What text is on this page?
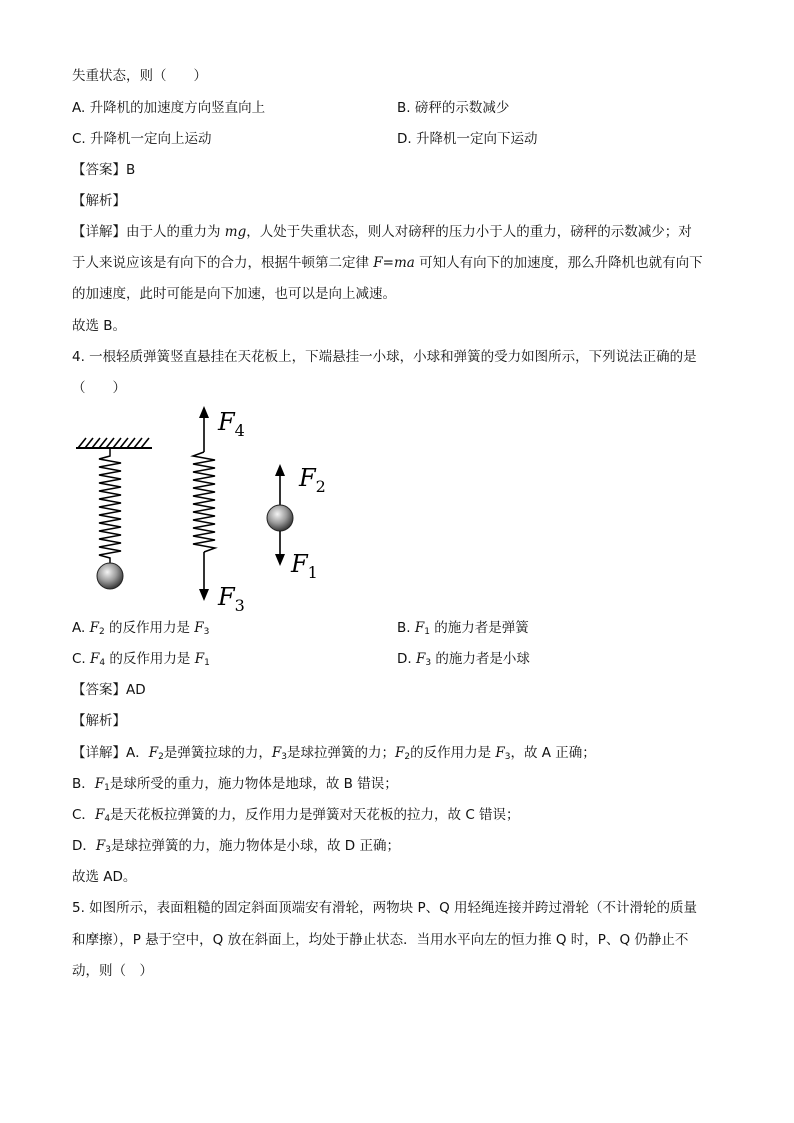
失重状态，则（　　）
A. 升降机的加速度方向竖直向上	B. 磅秤的示数减少
C. 升降机一定向上运动	D. 升降机一定向下运动
【答案】B
【解析】
【详解】由于人的重力为 mg，人处于失重状态，则人对磅秤的压力小于人的重力，磅秤的示数减少；对
于人来说应该是有向下的合力，根据牛顿第二定律 F=ma 可知人有向下的加速度，那么升降机也就有向下
的加速度，此时可能是向下加速，也可以是向上减速。
故选 B。
4. 一根轻质弹簧竖直悬挂在天花板上，下端悬挂一小球，小球和弹簧的受力如图所示，下列说法正确的是
（　　）
$F_4$
$F_3$
$F_2$
$F_1$
A. $F_2$ 的反作用力是 $F_3$	B. $F_1$ 的施力者是弹簧
C. $F_4$ 的反作用力是 $F_1$	D. $F_3$ 的施力者是小球
【答案】AD
【解析】
【详解】A．$F_2$是弹簧拉球的力，$F_3$是球拉弹簧的力；$F_2$的反作用力是 $F_3$，故 A 正确；
B．$F_1$是球所受的重力，施力物体是地球，故 B 错误；
C．$F_4$是天花板拉弹簧的力，反作用力是弹簧对天花板的拉力，故 C 错误；
D．$F_3$是球拉弹簧的力，施力物体是小球，故 D 正确；
故选 AD。
5. 如图所示，表面粗糙的固定斜面顶端安有滑轮，两物块 P、Q 用轻绳连接并跨过滑轮（不计滑轮的质量
和摩擦），P 悬于空中，Q 放在斜面上，均处于静止状态．当用水平向左的恒力推 Q 时，P、Q 仍静止不
动，则（　）
